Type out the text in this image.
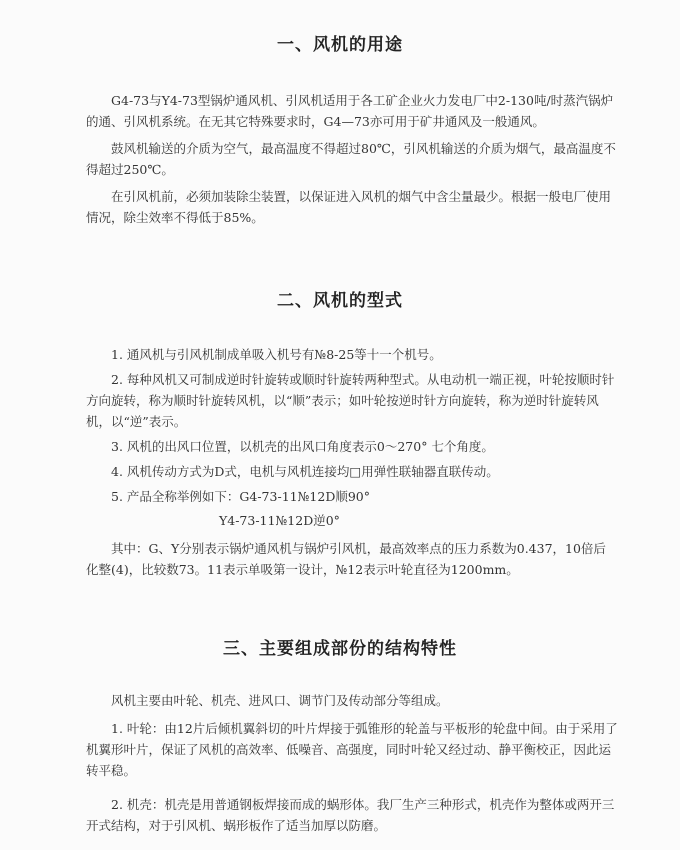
一、风机的用途

G4-73与Y4-73型锅炉通风机、引风机适用于各工矿企业火力发电厂中2-130吨/时蒸汽锅炉的通、引风机系统。在无其它特殊要求时，G4—73亦可用于矿井通风及一般通风。

鼓风机输送的介质为空气，最高温度不得超过80℃，引风机输送的介质为烟气，最高温度不得超过250℃。

在引风机前，必须加装除尘装置，以保证进入风机的烟气中含尘量最少。根据一般电厂使用情况，除尘效率不得低于85%。

二、风机的型式

1. 通风机与引风机制成单吸入机号有№8-25等十一个机号。

2. 每种风机又可制成逆时针旋转或顺时针旋转两种型式。从电动机一端正视，叶轮按顺时针方向旋转，称为顺时针旋转风机，以“顺”表示；如叶轮按逆时针方向旋转，称为逆时针旋转风机，以“逆”表示。

3. 风机的出风口位置，以机壳的出风口角度表示0～270° 七个角度。

4. 风机传动方式为D式，电机与风机连接均□用弹性联轴器直联传动。

5. 产品全称举例如下：G4-73-11№12D顺90°
Y4-73-11№12D逆0°

其中：G、Y分别表示锅炉通风机与锅炉引风机，最高效率点的压力系数为0.437，10倍后化整(4)，比较数73。11表示单吸第一设计，№12表示叶轮直径为1200mm。

三、主要组成部份的结构特性

风机主要由叶轮、机壳、进风口、调节门及传动部分等组成。

1. 叶轮：由12片后倾机翼斜切的叶片焊接于弧锥形的轮盖与平板形的轮盘中间。由于采用了机翼形叶片，保证了风机的高效率、低噪音、高强度，同时叶轮又经过动、静平衡校正，因此运转平稳。

2. 机壳：机壳是用普通钢板焊接而成的蜗形体。我厂生产三种形式，机壳作为整体或两开三开式结构，对于引风机、蜗形板作了适当加厚以防磨。
